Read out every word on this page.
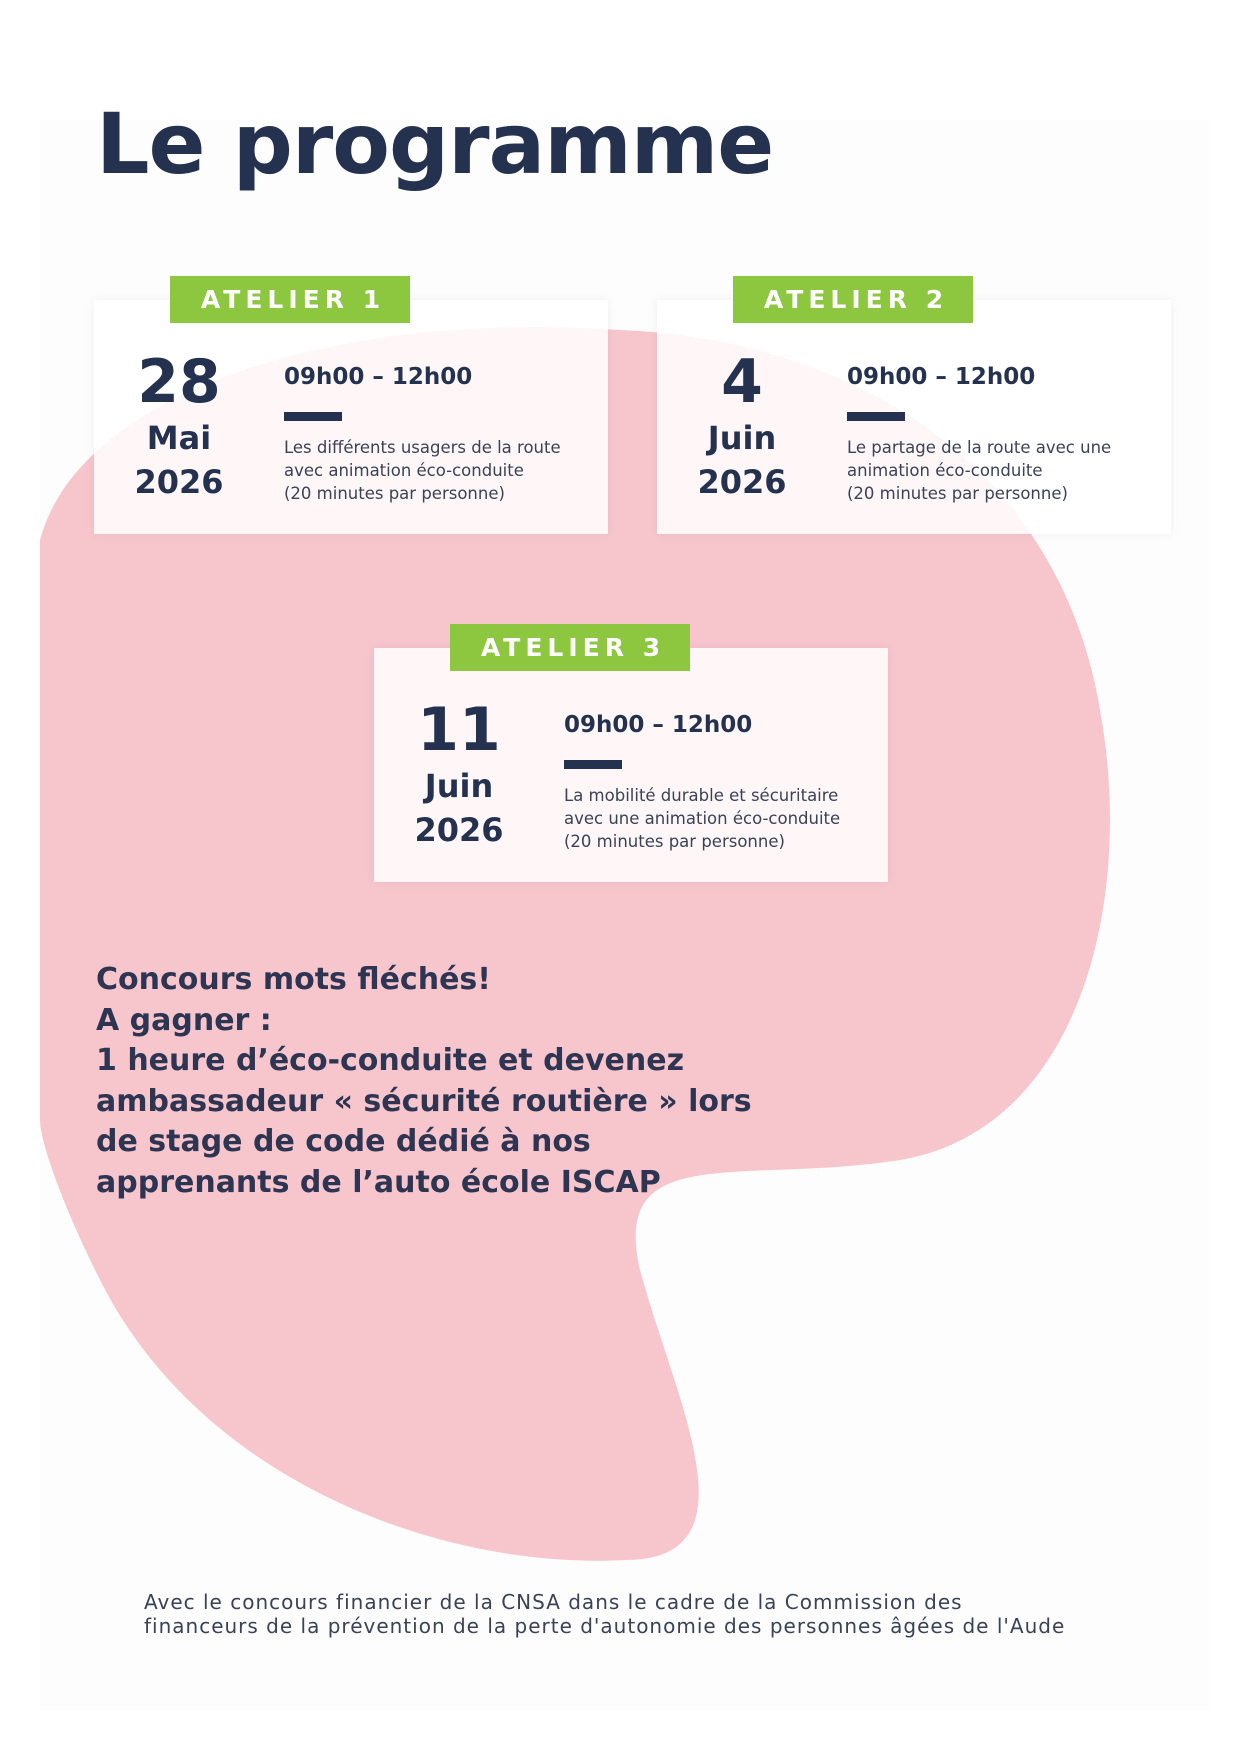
Le programme
ATELIER 1
28
Mai
2026
09h00 – 12h00
Les différents usagers de la route
avec animation éco-conduite
(20 minutes par personne)
ATELIER 2
4
Juin
2026
09h00 – 12h00
Le partage de la route avec une
animation éco-conduite
(20 minutes par personne)
ATELIER 3
11
Juin
2026
09h00 – 12h00
La mobilité durable et sécuritaire
avec une animation éco-conduite
(20 minutes par personne)

Concours mots fléchés!
A gagner :
1 heure d’éco-conduite et devenez
ambassadeur « sécurité routière » lors
de stage de code dédié à nos
apprenants de l’auto école ISCAP

Avec le concours financier de la CNSA dans le cadre de la Commission des
financeurs de la prévention de la perte d'autonomie des personnes âgées de l'Aude
